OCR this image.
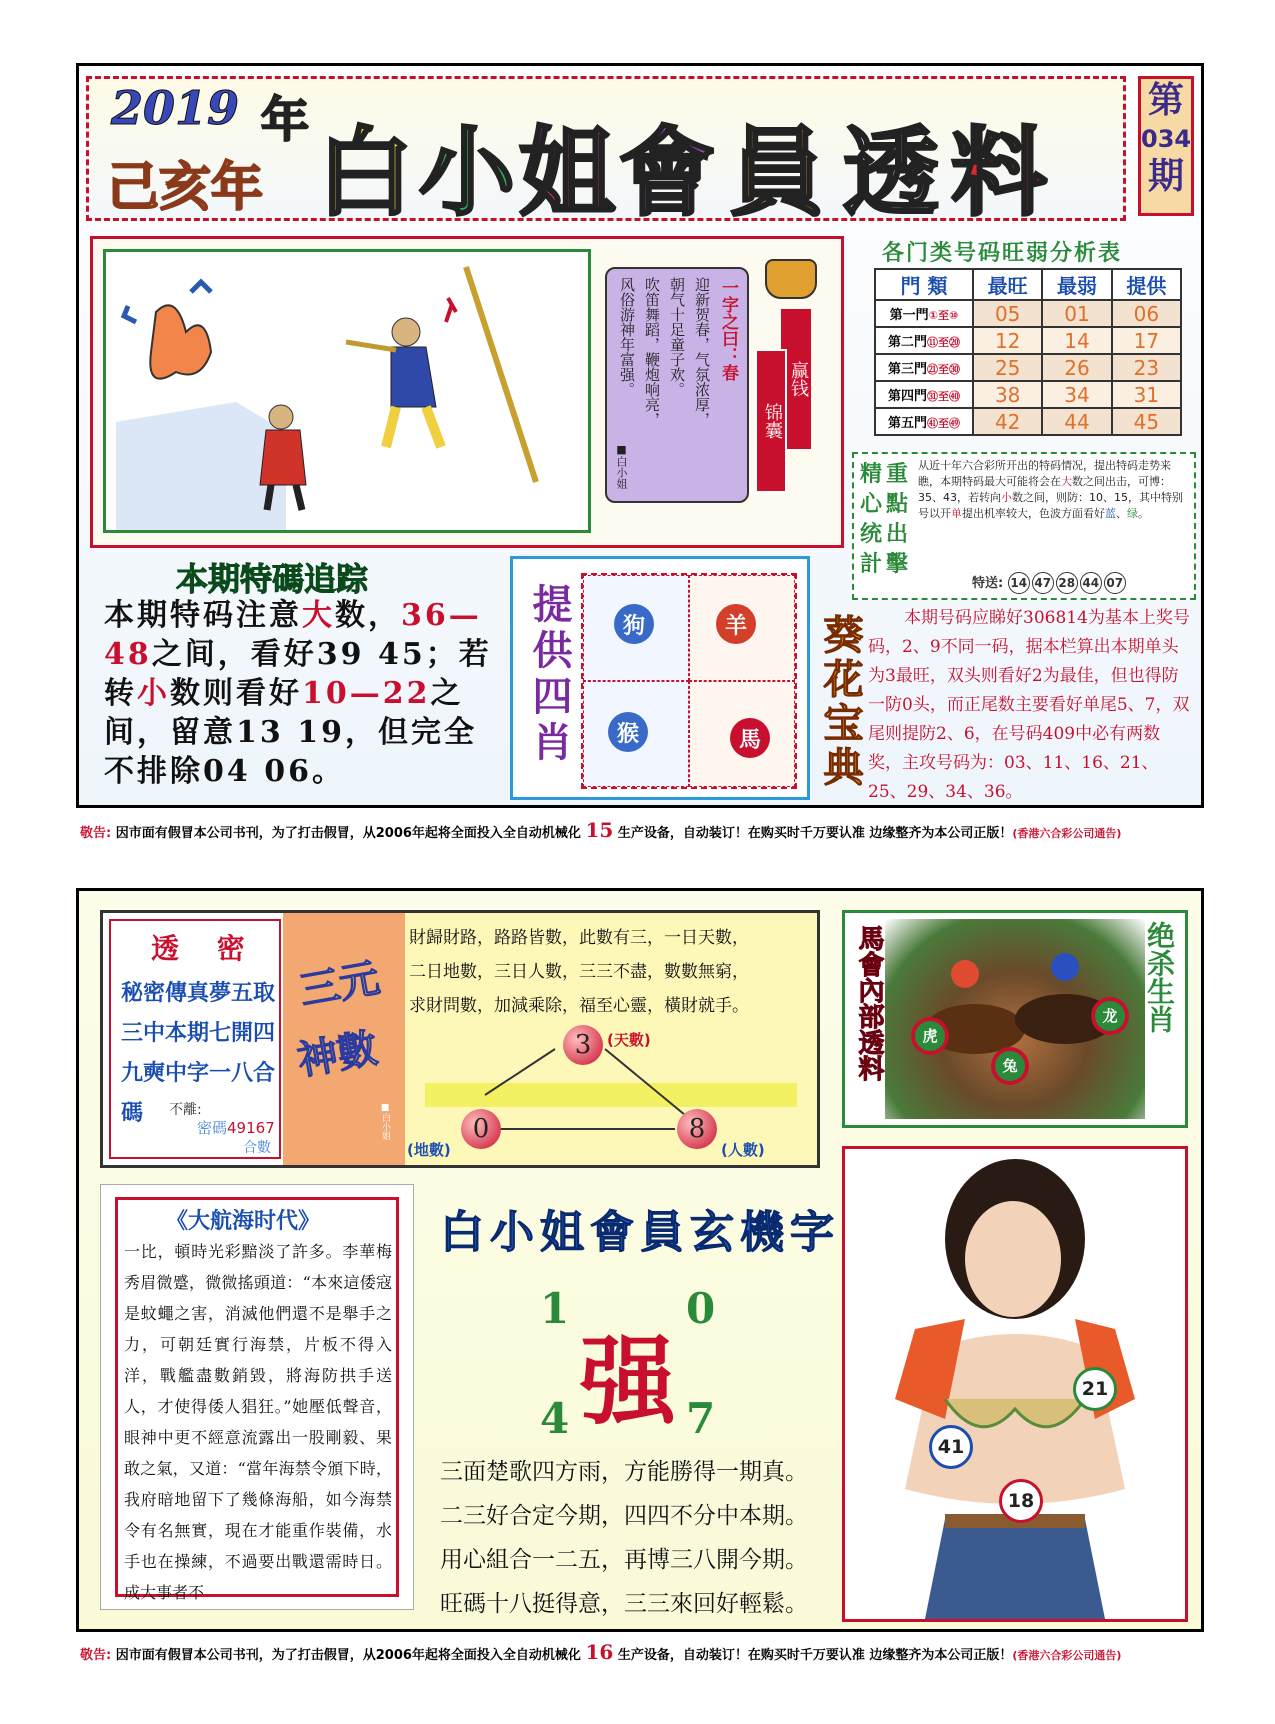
2019 年
己亥年 白 小 姐 會 員 透 料
第
034
期
一字之曰：春
迎新贺春，气氛浓厚，
朝气十足童子欢。
吹笛舞蹈，鞭炮响亮，
风俗游神年富强。
■白小姐
赢钱
锦囊
各门类号码旺弱分析表
門 類	最旺	最弱	提供
第一門①至⑩	05	01	06
第二門⑪至⑳	12	14	17
第三門㉑至㉚	25	26	23
第四門㉛至㊵	38	34	31
第五門㊶至㊾	42	44	45
精 重
心 點
统 出
計 擊
从近十年六合彩所开出的特码情况，提出特码走势来瞧，本期特码最大可能将会在大数之间出击，可博：35、43，若转向小数之间，则防：10、15，其中特别号以开单提出机率较大，色波方面看好蓝、绿。
特送: 14 47 28 44 07
本期特碼追踪
本期特码注意大数，36—48之间，看好39 45；若转小数则看好10—22之间，留意13 19，但完全不排除04 06。
提供四肖	狗	羊
猴	馬 葵花宝典	本期号码应睇好306814为基本上奖号码，2、9不同一码，据本栏算出本期单头为3最旺，双头则看好2为最佳，但也得防一防0头，而正尾数主要看好单尾5、7，双尾则提防2、6，在号码409中必有两数奖，主攻号码为：03、11、16、21、25、29、34、36。
敬告: 因市面有假冒本公司书刊，为了打击假冒，从2006年起将全面投入全自动机械化 15 生产设备，自动装订！在购买时千万要认准 边缘整齐为本公司正版！(香港六合彩公司通告)
透 密
秘密傳真夢五取
三中本期七開四
九奭中字一八合
碼	不離:
密碼49167
合數
三元
神數
■白小姐
財歸財路，路路皆數，此數有三，一日天數，
二日地數，三日人數，三三不盡，數數無窮，
求財問數，加減乘除，福至心靈，橫財就手。
3	(天數)
0
(地數)
8
(人數)
馬會內部透料	绝杀生肖
虎
兔
龙
《大航海时代》
一比，頓時光彩黯淡了許多。李華梅秀眉微蹙，微微搖頭道：“本來這倭寇是蚊蠅之害，消滅他們還不是舉手之力，可朝廷實行海禁，片板不得入洋，戰艦盡數銷毀，將海防拱手送人，才使得倭人猖狂。”她壓低聲音，眼神中更不經意流露出一股剛毅、果敢之氣，又道：“當年海禁令頒下時，我府暗地留下了幾條海船，如今海禁令有名無實，現在才能重作裝備，水手也在操練，不過要出戰還需時日。成大事者不
白小姐會員玄機字
1	0
强
4	7
三面楚歌四方雨，方能勝得一期真。
二三好合定今期，四四不分中本期。
用心組合一二五，再博三八開今期。
旺碼十八挺得意，三三來回好輕鬆。
21
41
18
敬告: 因市面有假冒本公司书刊，为了打击假冒，从2006年起将全面投入全自动机械化 16 生产设备，自动装订！在购买时千万要认准 边缘整齐为本公司正版！(香港六合彩公司通告)
